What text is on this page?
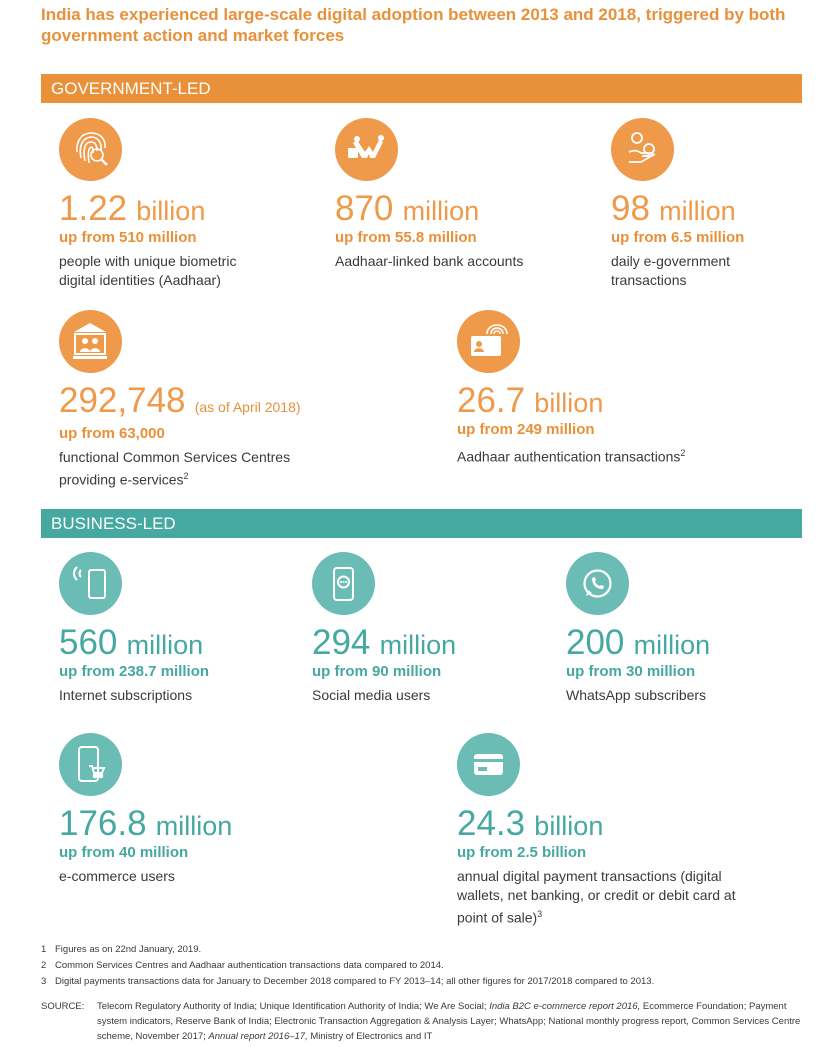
India has experienced large-scale digital adoption between 2013 and 2018, triggered by both government action and market forces
GOVERNMENT-LED
1.22 billion
up from 510 million
people with unique biometric digital identities (Aadhaar)
870 million
up from 55.8 million
Aadhaar-linked bank accounts
98 million
up from 6.5 million
daily e-government transactions
292,748 (as of April 2018)
up from 63,000
functional Common Services Centres providing e-services$^2$
26.7 billion
up from 249 million
Aadhaar authentication transactions$^2$
BUSINESS-LED
560 million
up from 238.7 million
Internet subscriptions
294 million
up from 90 million
Social media users
200 million
up from 30 million
WhatsApp subscribers
176.8 million
up from 40 million
e-commerce users
24.3 billion
up from 2.5 billion
annual digital payment transactions (digital wallets, net banking, or credit or debit card at point of sale)$^3$
1 Figures as on 22nd January, 2019.
2 Common Services Centres and Aadhaar authentication transactions data compared to 2014.
3 Digital payments transactions data for January to December 2018 compared to FY 2013–14; all other figures for 2017/2018 compared to 2013.
SOURCE: Telecom Regulatory Authority of India; Unique Identification Authority of India; We Are Social; India B2C e-commerce report 2016, Ecommerce Foundation; Payment system indicators, Reserve Bank of India; Electronic Transaction Aggregation & Analysis Layer; WhatsApp; National monthly progress report, Common Services Centre scheme, November 2017; Annual report 2016–17, Ministry of Electronics and IT
